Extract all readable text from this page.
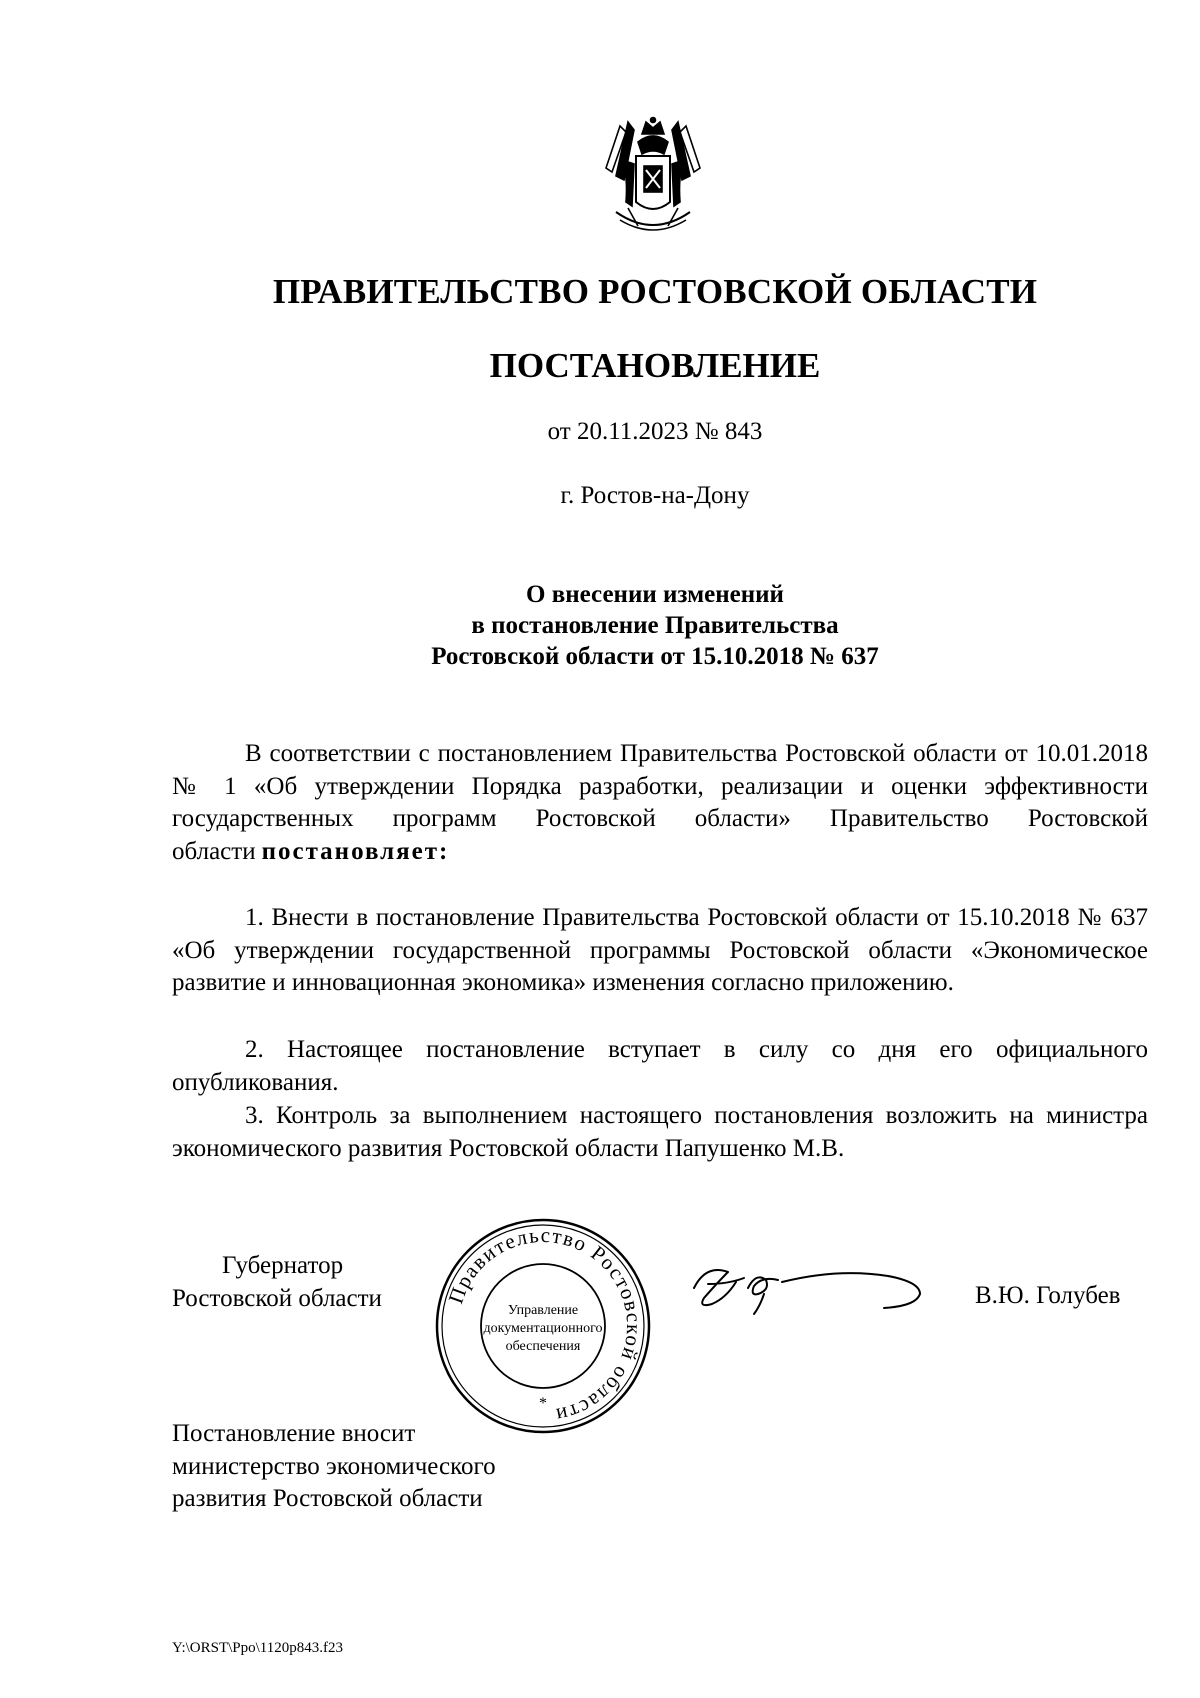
ПРАВИТЕЛЬСТВО РОСТОВСКОЙ ОБЛАСТИ
ПОСТАНОВЛЕНИЕ
от 20.11.2023 № 843
г. Ростов-на-Дону
О внесении изменений
в постановление Правительства
Ростовской области от 15.10.2018 № 637

В соответствии с постановлением Правительства Ростовской области от 10.01.2018 № 1 «Об утверждении Порядка разработки, реализации и оценки эффективности государственных программ Ростовской области» Правительство Ростовской области постановляет:

1. Внести в постановление Правительства Ростовской области от 15.10.2018 № 637 «Об утверждении государственной программы Ростовской области «Экономическое развитие и инновационная экономика» изменения согласно приложению.

2. Настоящее постановление вступает в силу со дня его официального опубликования.

3. Контроль за выполнением настоящего постановления возложить на министра экономического развития Ростовской области Папушенко М.В.

Губернатор
Ростовской области	Правительство Ростовской области
Управление
документационного
обеспечения
*
В.Ю. Голубев
Постановление вносит
министерство экономического
развития Ростовской области
Y:\ORST\Ppo\1120p843.f23
